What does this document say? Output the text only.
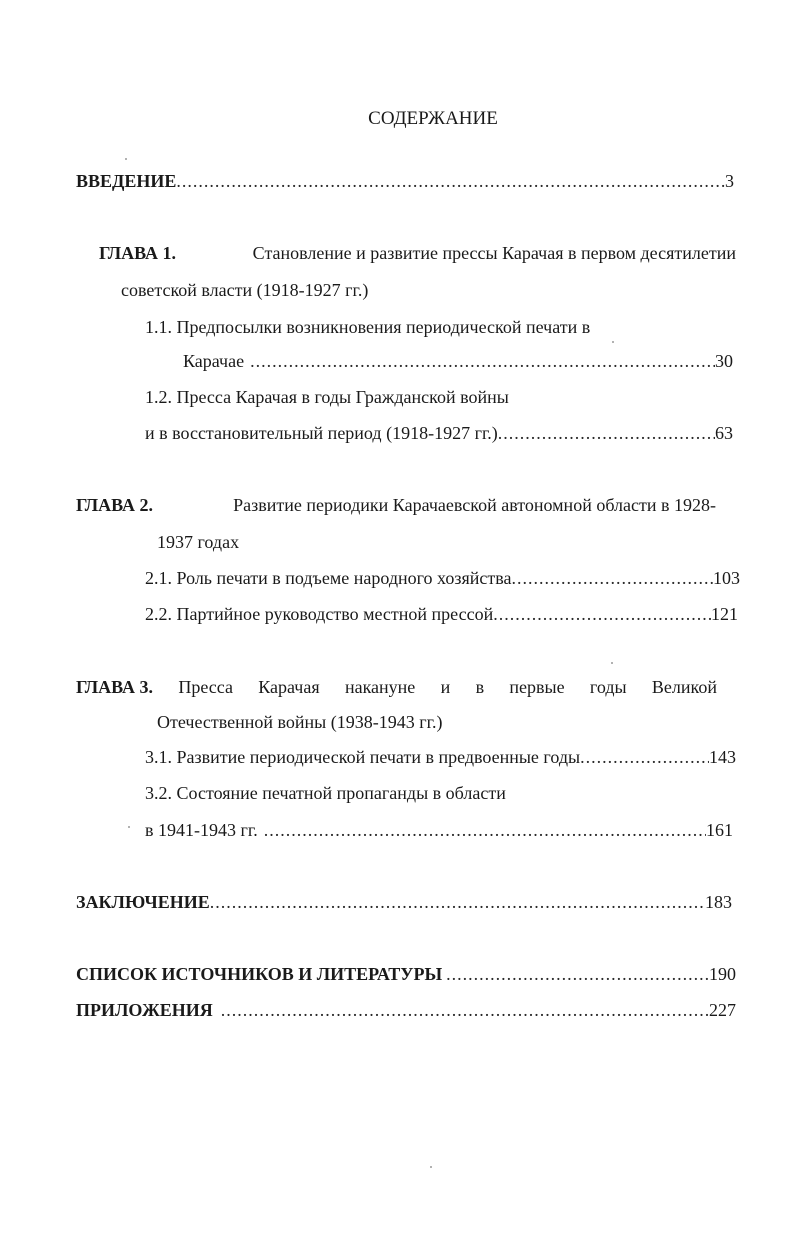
СОДЕРЖАНИЕ
ВВЕДЕНИЕ .....	3
ГЛАВА 1.	Становление и развитие прессы Карачая в первом десятилетии
советской власти (1918-1927 гг.)
1.1. Предпосылки возникновения периодической печати в
Карачае .....	30
1.2. Пресса Карачая в годы Гражданской войны
и в восстановительный период (1918-1927 гг.) .....	63
ГЛАВА 2.	Развитие периодики Карачаевской автономной области в 1928-
1937 годах
2.1. Роль печати в подъеме народного хозяйства .....	103
2.2. Партийное руководство местной прессой .....	121
ГЛАВА 3. Пресса Карачая накануне и в первые годы Великой
Отечественной войны (1938-1943 гг.)
3.1. Развитие периодической печати в предвоенные годы .....	143
3.2. Состояние печатной пропаганды в области
в 1941-1943 гг. .....	161
ЗАКЛЮЧЕНИЕ .....	183
СПИСОК ИСТОЧНИКОВ И ЛИТЕРАТУРЫ .....	190
ПРИЛОЖЕНИЯ .....	227
